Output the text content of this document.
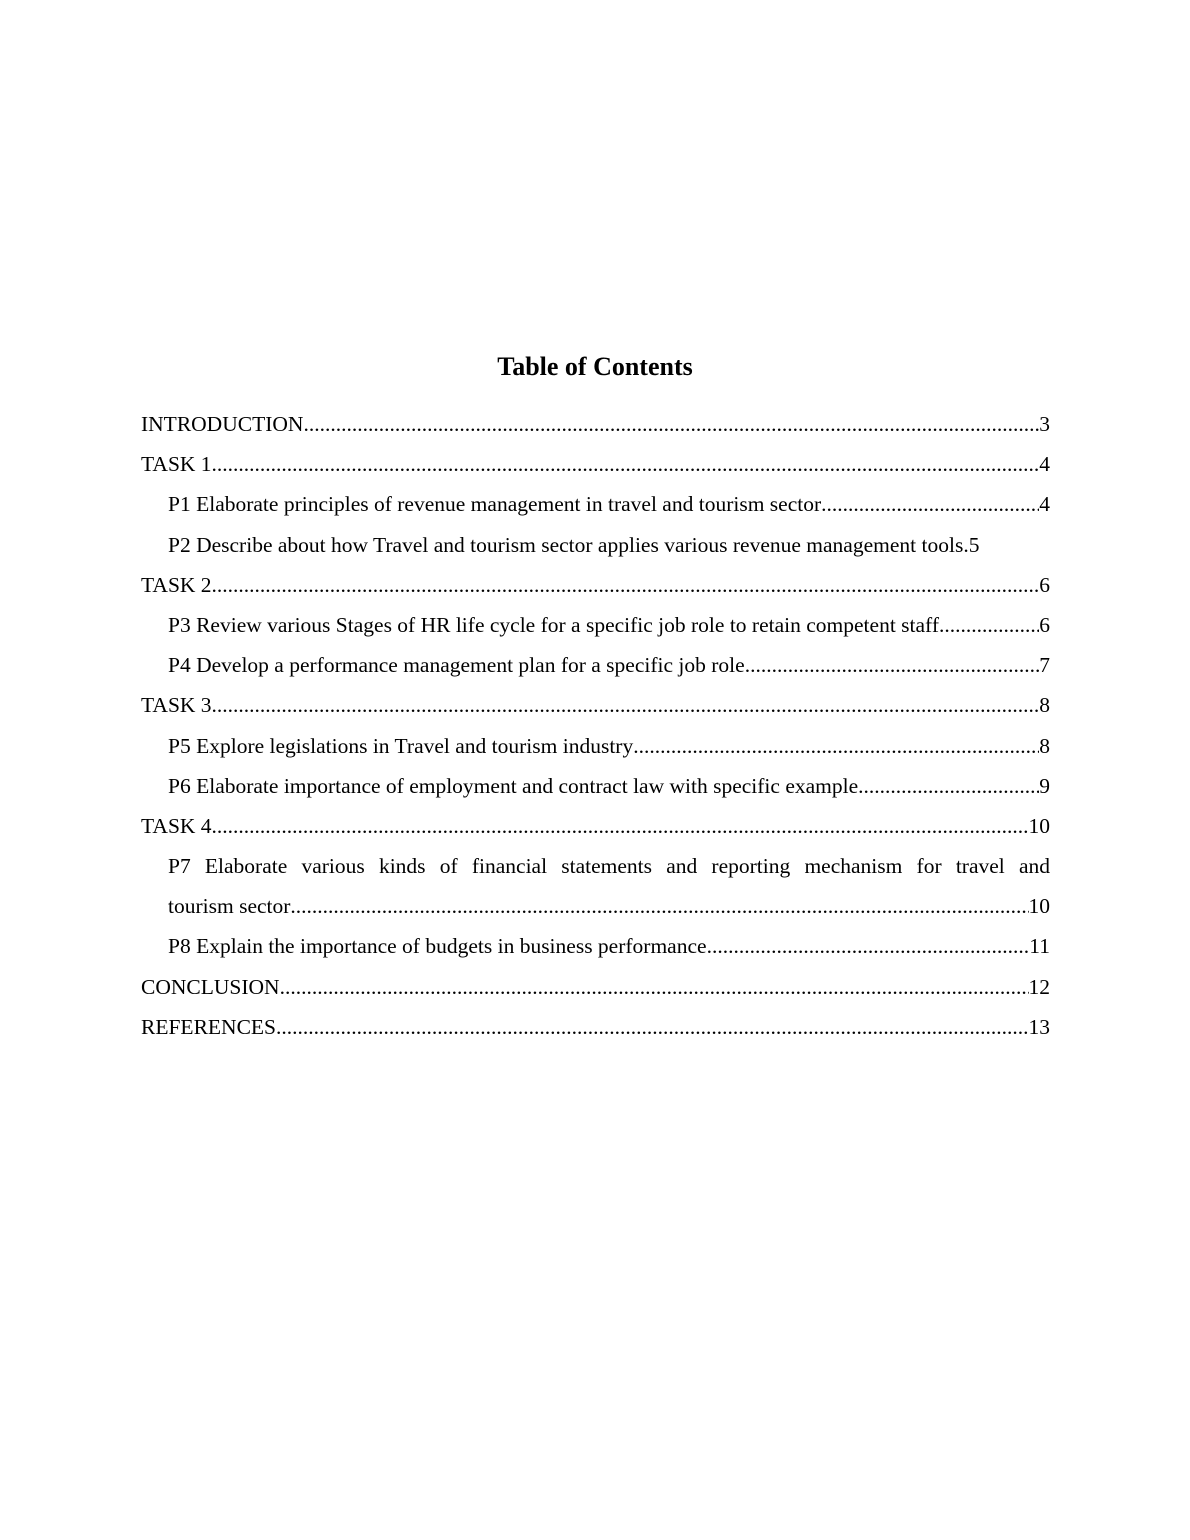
Table of Contents
INTRODUCTION .....	3
TASK 1 .....	4
P1 Elaborate principles of revenue management in travel and tourism sector .....	4
P2 Describe about how Travel and tourism sector applies various revenue management tools. 5
TASK 2 .....	6
P3 Review various Stages of HR life cycle for a specific job role to retain competent staff. .....	6
P4 Develop a performance management plan for a specific job role .....	7
TASK 3 .....	8
P5 Explore legislations in Travel and tourism industry .....	8
P6 Elaborate importance of employment and contract law with specific example .....	9
TASK 4 .....	10
P7 Elaborate various kinds of financial statements and reporting mechanism for travel and
tourism sector .....	10
P8 Explain the importance of budgets in business performance .....	11
CONCLUSION .....	12
REFERENCES .....	13
